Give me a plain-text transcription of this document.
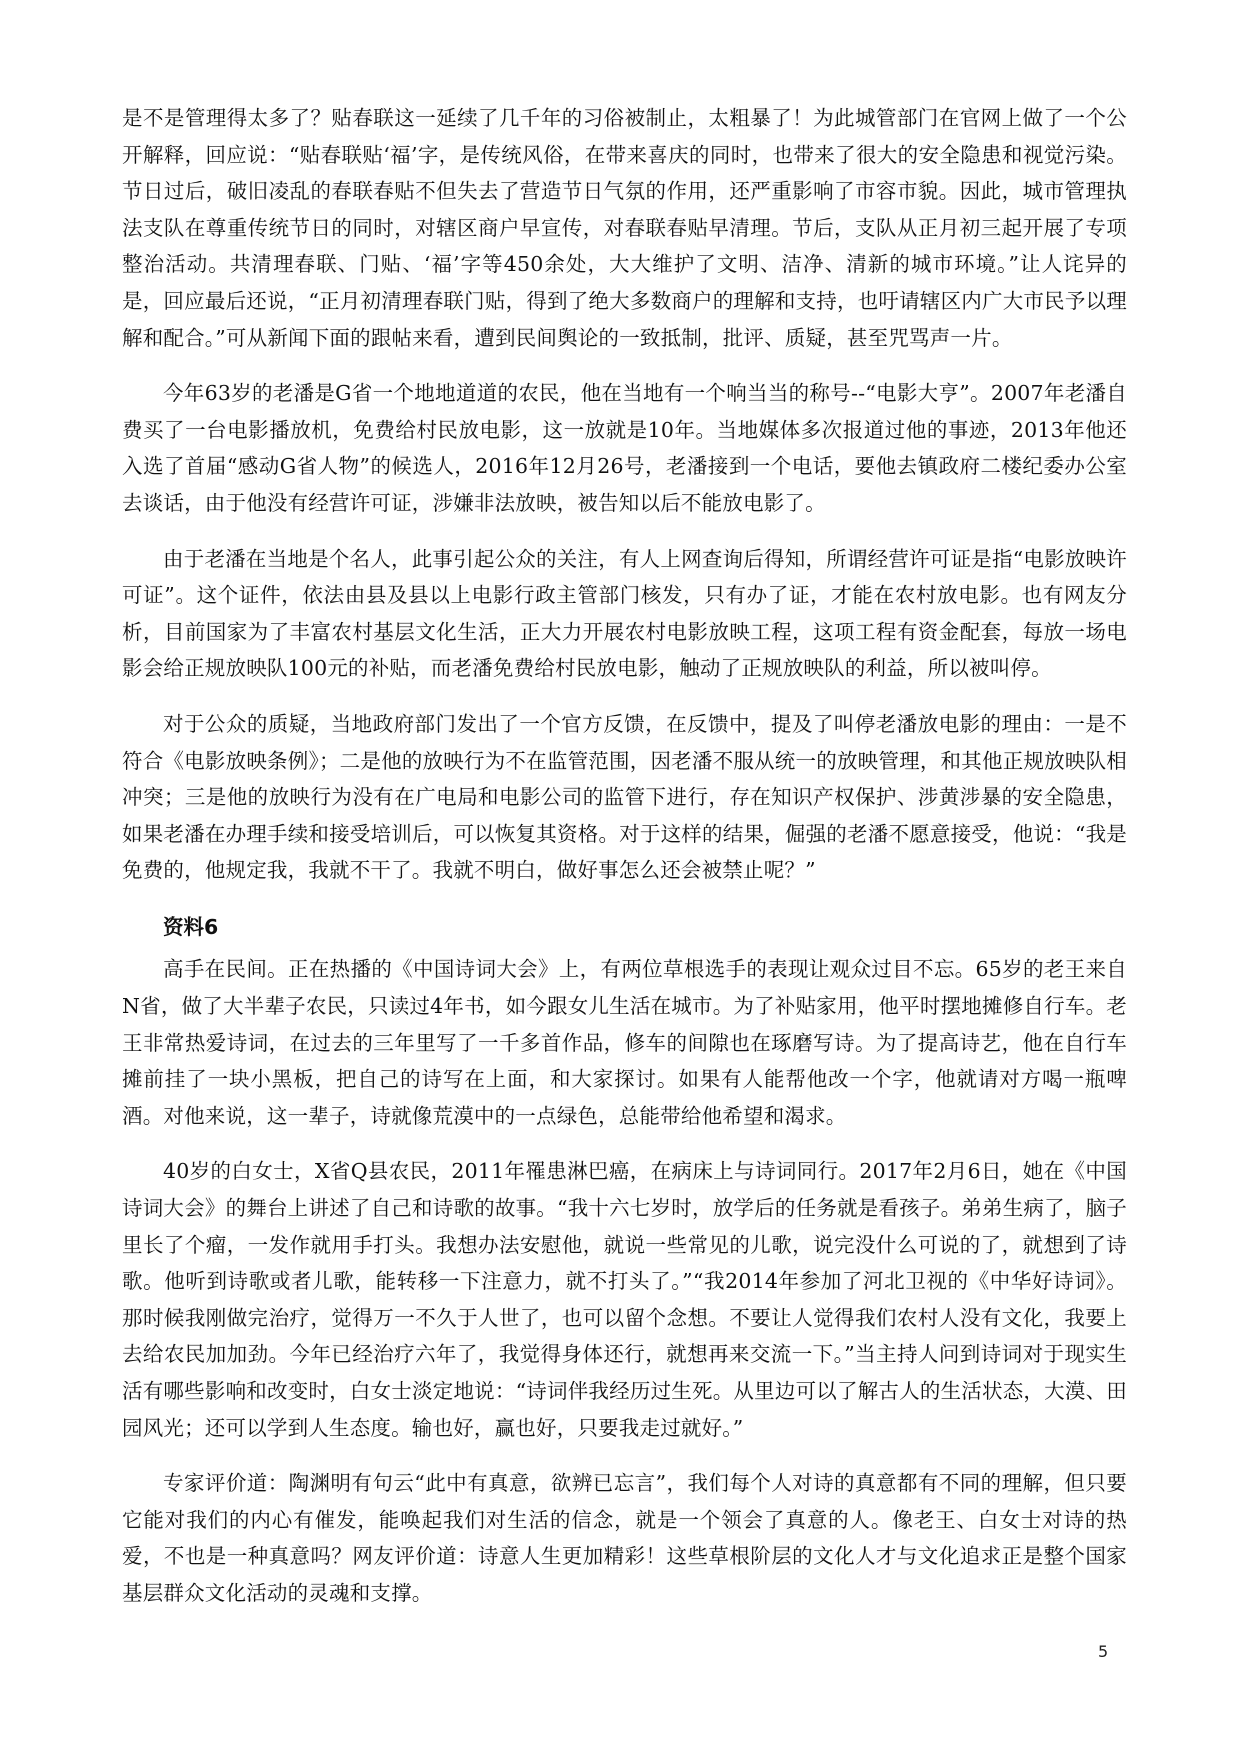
是不是管理得太多了？贴春联这一延续了几千年的习俗被制止，太粗暴了！为此城管部门在官网上做了一个公开解释，回应说：“贴春联贴‘福’字，是传统风俗，在带来喜庆的同时，也带来了很大的安全隐患和视觉污染。节日过后，破旧凌乱的春联春贴不但失去了营造节日气氛的作用，还严重影响了市容市貌。因此，城市管理执法支队在尊重传统节日的同时，对辖区商户早宣传，对春联春贴早清理。节后，支队从正月初三起开展了专项整治活动。共清理春联、门贴、‘福’字等450余处，大大维护了文明、洁净、清新的城市环境。”让人诧异的是，回应最后还说，“正月初清理春联门贴，得到了绝大多数商户的理解和支持，也吁请辖区内广大市民予以理解和配合。”可从新闻下面的跟帖来看，遭到民间舆论的一致抵制，批评、质疑，甚至咒骂声一片。

今年63岁的老潘是G省一个地地道道的农民，他在当地有一个响当当的称号--“电影大亨”。2007年老潘自费买了一台电影播放机，免费给村民放电影，这一放就是10年。当地媒体多次报道过他的事迹，2013年他还入选了首届“感动G省人物”的候选人，2016年12月26号，老潘接到一个电话，要他去镇政府二楼纪委办公室去谈话，由于他没有经营许可证，涉嫌非法放映，被告知以后不能放电影了。

由于老潘在当地是个名人，此事引起公众的关注，有人上网查询后得知，所谓经营许可证是指“电影放映许可证”。这个证件，依法由县及县以上电影行政主管部门核发，只有办了证，才能在农村放电影。也有网友分析，目前国家为了丰富农村基层文化生活，正大力开展农村电影放映工程，这项工程有资金配套，每放一场电影会给正规放映队100元的补贴，而老潘免费给村民放电影，触动了正规放映队的利益，所以被叫停。

对于公众的质疑，当地政府部门发出了一个官方反馈，在反馈中，提及了叫停老潘放电影的理由：一是不符合《电影放映条例》；二是他的放映行为不在监管范围，因老潘不服从统一的放映管理，和其他正规放映队相冲突；三是他的放映行为没有在广电局和电影公司的监管下进行，存在知识产权保护、涉黄涉暴的安全隐患，如果老潘在办理手续和接受培训后，可以恢复其资格。对于这样的结果，倔强的老潘不愿意接受，他说：“我是免费的，他规定我，我就不干了。我就不明白，做好事怎么还会被禁止呢？”

资料6

高手在民间。正在热播的《中国诗词大会》上，有两位草根选手的表现让观众过目不忘。65岁的老王来自N省，做了大半辈子农民，只读过4年书，如今跟女儿生活在城市。为了补贴家用，他平时摆地摊修自行车。老王非常热爱诗词，在过去的三年里写了一千多首作品，修车的间隙也在琢磨写诗。为了提高诗艺，他在自行车摊前挂了一块小黑板，把自己的诗写在上面，和大家探讨。如果有人能帮他改一个字，他就请对方喝一瓶啤酒。对他来说，这一辈子，诗就像荒漠中的一点绿色，总能带给他希望和渴求。

40岁的白女士，X省Q县农民，2011年罹患淋巴癌，在病床上与诗词同行。2017年2月6日，她在《中国诗词大会》的舞台上讲述了自己和诗歌的故事。“我十六七岁时，放学后的任务就是看孩子。弟弟生病了，脑子里长了个瘤，一发作就用手打头。我想办法安慰他，就说一些常见的儿歌，说完没什么可说的了，就想到了诗歌。他听到诗歌或者儿歌，能转移一下注意力，就不打头了。”“我2014年参加了河北卫视的《中华好诗词》。那时候我刚做完治疗，觉得万一不久于人世了，也可以留个念想。不要让人觉得我们农村人没有文化，我要上去给农民加加劲。今年已经治疗六年了，我觉得身体还行，就想再来交流一下。”当主持人问到诗词对于现实生活有哪些影响和改变时，白女士淡定地说：“诗词伴我经历过生死。从里边可以了解古人的生活状态，大漠、田园风光；还可以学到人生态度。输也好，赢也好，只要我走过就好。”

专家评价道：陶渊明有句云“此中有真意，欲辨已忘言”，我们每个人对诗的真意都有不同的理解，但只要它能对我们的内心有催发，能唤起我们对生活的信念，就是一个领会了真意的人。像老王、白女士对诗的热爱，不也是一种真意吗？网友评价道：诗意人生更加精彩！这些草根阶层的文化人才与文化追求正是整个国家基层群众文化活动的灵魂和支撑。

5
